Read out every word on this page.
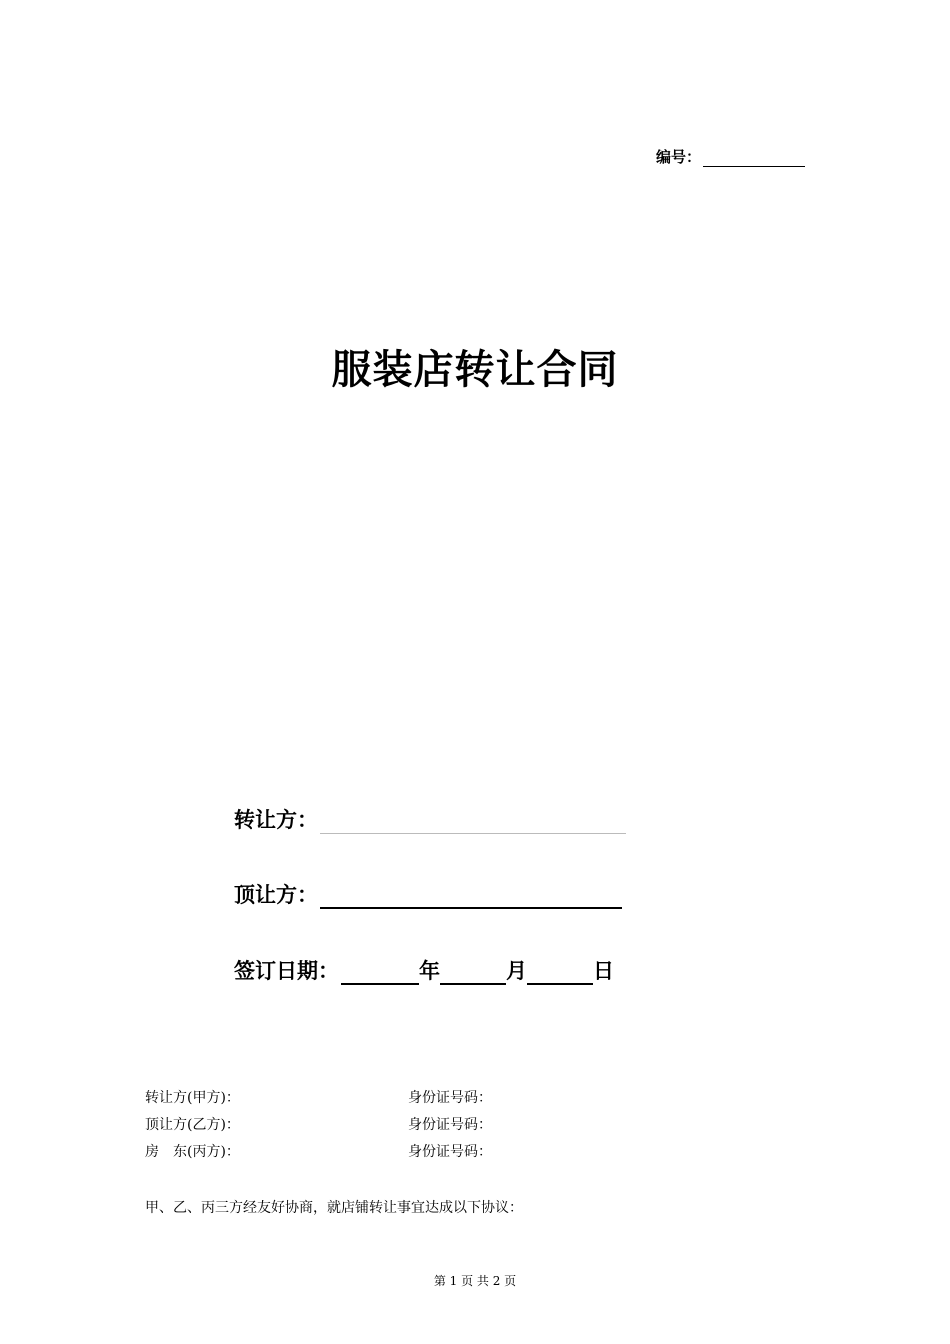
编号：
服装店转让合同
转让方：
顶让方：
签订日期：	年	月	日
转让方(甲方)：	身份证号码：
顶让方(乙方)：	身份证号码：
房　东(丙方)：	身份证号码：
甲、乙、丙三方经友好协商，就店铺转让事宜达成以下协议：
第 1 页 共 2 页
